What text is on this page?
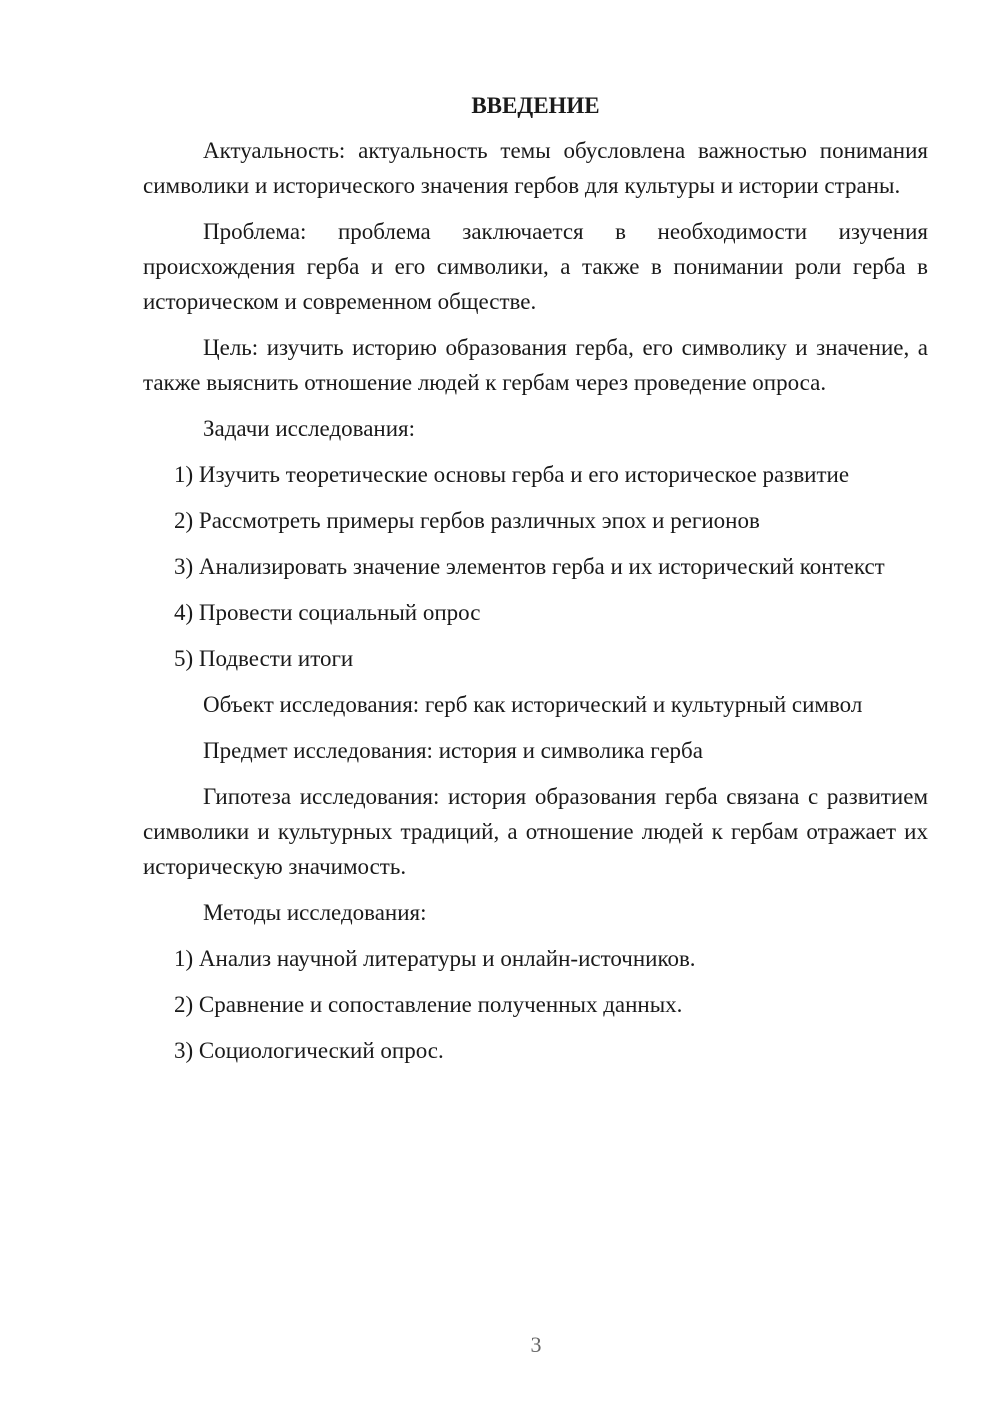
ВВЕДЕНИЕ

Актуальность: актуальность темы обусловлена важностью понимания символики и исторического значения гербов для культуры и истории страны.

Проблема: проблема заключается в необходимости изучения происхождения герба и его символики, а также в понимании роли герба в историческом и современном обществе.

Цель: изучить историю образования герба, его символику и значение, а также выяснить отношение людей к гербам через проведение опроса.

Задачи исследования:

1) Изучить теоретические основы герба и его историческое развитие

2) Рассмотреть примеры гербов различных эпох и регионов

3) Анализировать значение элементов герба и их исторический контекст

4) Провести социальный опрос

5) Подвести итоги

Объект исследования: герб как исторический и культурный символ

Предмет исследования: история и символика герба

Гипотеза исследования: история образования герба связана с развитием символики и культурных традиций, а отношение людей к гербам отражает их историческую значимость.

Методы исследования:

1) Анализ научной литературы и онлайн-источников.

2) Сравнение и сопоставление полученных данных.

3) Социологический опрос.

3
